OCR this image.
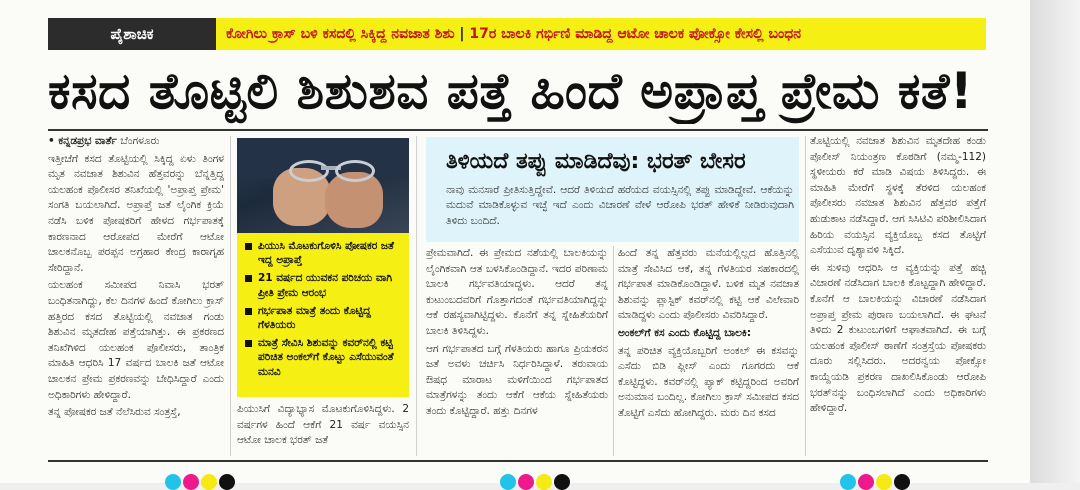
ಪೈಶಾಚಿಕ	ಕೋಗಿಲು ಕ್ರಾಸ್ ಬಳಿ ಕಸದಲ್ಲಿ ಸಿಕ್ಕಿದ್ದ ನವಜಾತ ಶಿಶು | 17ರ ಬಾಲಕಿ ಗರ್ಭಿಣಿ ಮಾಡಿದ್ದ ಆಟೋ ಚಾಲಕ ಪೋಕ್ಸೋ ಕೇಸಲ್ಲಿ ಬಂಧನ
ಕಸದ ತೊಟ್ಟಿಲಿ ಶಿಶುಶವ ಪತ್ತೆ ಹಿಂದೆ ಅಪ್ರಾಪ್ತ ಪ್ರೇಮ ಕತೆ!

• ಕನ್ನಡಪ್ರಭ ವಾರ್ತೆ ಬೆಂಗಳೂರು

ಇತ್ತೀಚೆಗೆ ಕಸದ ತೊಟ್ಟಿಯಲ್ಲಿ ಸಿಕ್ಕಿದ್ದ ಏಳು ತಿಂಗಳ ಮೃತ ನವಜಾತ ಶಿಶುವಿನ ಹೆತ್ತವರನ್ನು ಬೆನ್ನತ್ತಿದ್ದ ಯಲಹಂಕ ಪೊಲೀಸರ ತನಿಖೆಯಲ್ಲಿ 'ಅಪ್ರಾಪ್ತ ಪ್ರೇಮ' ಸಂಗತಿ ಬಯಲಾಗಿದೆ. ಅಪ್ರಾಪ್ತೆ ಜತೆ ಲೈಂಗಿಕ ಕ್ರಿಯೆ ನಡೆಸಿ ಬಳಿಕ ಪೋಷಕರಿಗೆ ಹೇಳದ ಗರ್ಭಪಾತಕ್ಕೆ ಕಾರಣನಾದ ಆರೋಪದ ಮೇರೆಗೆ ಆಟೋ ಚಾಲಕನೊಬ್ಬ ಪರಪ್ಪನ ಅಗ್ರಹಾರ ಕೇಂದ್ರ ಕಾರಾಗೃಹ ಸೇರಿದ್ದಾನೆ.

ಯಲಹಂಕ ಸಮೀಪದ ನಿವಾಸಿ ಭರತ್ ಬಂಧಿತನಾಗಿದ್ದು, ಕೆಲ ದಿನಗಳ ಹಿಂದೆ ಕೋಗಿಲು ಕ್ರಾಸ್ ಹತ್ತಿರದ ಕಸದ ತೊಟ್ಟಿಯಲ್ಲಿ ನವಜಾತ ಗಂಡು ಶಿಶುವಿನ ಮೃತದೇಹ ಪತ್ತೆಯಾಗಿತ್ತು. ಈ ಪ್ರಕರಣದ ತನಿಖೆಗಿಳಿದ ಯಲಹಂಕ ಪೊಲೀಸರು, ತಾಂತ್ರಿಕ ಮಾಹಿತಿ ಆಧರಿಸಿ 17 ವರ್ಷದ ಬಾಲಕಿ ಜತೆ ಆಟೋ ಚಾಲಕನ ಪ್ರೇಮ ಪ್ರಕರಣವನ್ನು ಬೇಧಿಸಿದ್ದಾರೆ ಎಂದು ಅಧಿಕಾರಿಗಳು ಹೇಳಿದ್ದಾರೆ.

ತನ್ನ ಪೋಷಕರ ಜತೆ ನೆಲೆಸಿರುವ ಸಂತ್ರಸ್ತೆ,

ಪಿಯುಸಿ ಮೊಟಕುಗೊಳಿಸಿ ಪೋಷಕರ ಜತೆ ಇದ್ದ ಅಪ್ರಾಪ್ತೆ
21 ವರ್ಷದ ಯುವಕನ ಪರಿಚಯ ವಾಗಿ ಪ್ರೀತಿ ಪ್ರೇಮ ಆರಂಭ
ಗರ್ಭಪಾತ ಮಾತ್ರೆ ತಂದು ಕೊಟ್ಟಿದ್ದ ಗೆಳತಿಯರು
ಮಾತ್ರೆ ಸೇವಿಸಿ ಶಿಶುವನ್ನು ಕವರ್‌ನಲ್ಲಿ ಕಟ್ಟಿ ಪರಿಚಿತ ಅಂಕಲ್‌ಗೆ ಕೊಟ್ಟು ಎಸೆಯುವಂತೆ ಮನವಿ

ಪಿಯುಸಿಗೆ ವಿದ್ಯಾಭ್ಯಾಸ ಮೊಟಕುಗೊಳಿಸಿದ್ದಳು. 2 ವರ್ಷಗಳ ಹಿಂದೆ ಆಕೆಗೆ 21 ವರ್ಷ ವಯಸ್ಸಿನ ಆಟೋ ಚಾಲಕ ಭರತ್ ಜತೆ

ತಿಳಿಯದೆ ತಪ್ಪು ಮಾಡಿದೆವು: ಭರತ್ ಬೇಸರ
ನಾವು ಮನಸಾರೆ ಪ್ರೀತಿಸುತ್ತಿದ್ದೇವೆ. ಆದರೆ ತಿಳಿಯದೆ ಹರೆಯದ ವಯಸ್ಸಿನಲ್ಲಿ ತಪ್ಪು ಮಾಡಿದ್ದೇವೆ. ಆಕೆಯನ್ನು ಮದುವೆ ಮಾಡಿಕೊಳ್ಳುವ ಇಚ್ಛೆ ಇದೆ ಎಂದು ವಿಚಾರಣೆ ವೇಳೆ ಆರೋಪಿ ಭರತ್ ಹೇಳಿಕೆ ನೀಡಿರುವುದಾಗಿ ತಿಳಿದು ಬಂದಿದೆ.

ಪ್ರೇಮವಾಗಿದೆ. ಈ ಪ್ರೇಮದ ನಶೆಯಲ್ಲಿ ಬಾಲಕಿಯನ್ನು ಲೈಂಗಿಕವಾಗಿ ಆತ ಬಳಸಿಕೊಂಡಿದ್ದಾನೆ. ಇದರ ಪರಿಣಾಮ ಬಾಲಕಿ ಗರ್ಭವತಿಯಾದ್ದಳು. ಆದರೆ ತನ್ನ ಕುಟುಂಬದವರಿಗೆ ಗೊತ್ತಾಗದಂತೆ ಗರ್ಭವತಿಯಾಗಿದ್ದನ್ನು ಆಕೆ ರಹಸ್ಯವಾಗಿಟ್ಟಿದ್ದಳು. ಕೊನೆಗೆ ತನ್ನ ಸ್ನೇಹಿತೆಯರಿಗೆ ಬಾಲಕಿ ತಿಳಿಸಿದ್ದಳು.

ಆಗ ಗರ್ಭಪಾತದ ಬಗ್ಗೆ ಗೆಳತಿಯರು ಹಾಗೂ ಪ್ರಿಯಕರನ ಜತೆ ಅವಳು ಚರ್ಚಿಸಿ ನಿರ್ಧರಿಸಿದ್ದಾಳೆ. ತರುವಾಯ ಔಷಧ ಮಾರಾಟ ಮಳಿಗೆಯಿಂದ ಗರ್ಭಪಾತದ ಮಾತ್ರೆಗಳನ್ನು ತಂದು ಆಕೆಗೆ ಆಕೆಯ ಸ್ನೇಹಿತೆಯರು ತಂದು ಕೊಟ್ಟಿದ್ದಾರೆ. ಹತ್ತು ದಿನಗಳ

ಹಿಂದೆ ತನ್ನ ಹೆತ್ತವರು ಮನೆಯಲ್ಲಿಲ್ಲದ ಹೊತ್ತಿನಲ್ಲಿ ಮಾತ್ರೆ ಸೇವಿಸಿದ ಆಕೆ, ತನ್ನ ಗೆಳತಿಯರ ಸಹಕಾರದಲ್ಲಿ ಗರ್ಭಪಾತ ಮಾಡಿಕೊಂಡಿದ್ದಾಳೆ. ಬಳಿಕ ಮೃತ ನವಜಾತ ಶಿಶುವನ್ನು ಪ್ಲಾಸ್ಟಿಕ್ ಕವರ್‌ನಲ್ಲಿ ಕಟ್ಟಿ ಆಕೆ ವಿಲೇವಾರಿ ಮಾಡಿದ್ದಳು ಎಂದು ಪೊಲೀಸರು ವಿವರಿಸಿದ್ದಾರೆ.

ಅಂಕಲ್‌ಗೆ ಕಸ ಎಂದು ಕೊಟ್ಟಿದ್ದ ಬಾಲಕಿ:

ತನ್ನ ಪರಿಚಿತ ವ್ಯಕ್ತಿಯೊಬ್ಬರಿಗೆ ಅಂಕಲ್ ಈ ಕಸವನ್ನು ಎಸೆದು ಬಿಡಿ ಪ್ಲೀಸ್ ಎಂದು ಗೂಗರದು ಆಕೆ ಕೊಟ್ಟಿದ್ದಳು. ಕವರ್‌ನಲ್ಲಿ ಪ್ಯಾಕ್ ಕಟ್ಟಿದ್ದರಿಂದ ಅವರಿಗೆ ಅನುಮಾನ ಬಂದಿಲ್ಲ. ಕೋಗಿಲು ಕ್ರಾಸ್ ಸಮೀಪದ ಕಸದ ತೊಟ್ಟಿಗೆ ಎಸೆದು ಹೋಗಿದ್ದರು. ಮರು ದಿನ ಕಸದ

ತೊಟ್ಟಿಯಲ್ಲಿ ನವಜಾತ ಶಿಶುವಿನ ಮೃತದೇಹ ಕಂಡು ಪೊಲೀಸ್ ನಿಯಂತ್ರಣ ಕೊಠಡಿಗೆ (ನಮ್ಮ-112) ಸ್ಥಳೀಯರು ಕರೆ ಮಾಡಿ ವಿಷಯ ತಿಳಿಸಿದ್ದರು. ಈ ಮಾಹಿತಿ ಮೇರೆಗೆ ಸ್ಥಳಕ್ಕೆ ತೆರಳಿದ ಯಲಹಂಕ ಪೊಲೀಸರು ನವಜಾತ ಶಿಶುವಿನ ಹೆತ್ತವರ ಪತ್ತೆಗೆ ಹುಡುಕಾಟ ನಡೆಸಿದ್ದಾರೆ. ಆಗ ಸಿಸಿಟಿವಿ ಪರಿಶೀಲಿಸಿದಾಗ ಹಿರಿಯ ವಯಸ್ಸಿನ ವ್ಯಕ್ತಿಯೊಬ್ಬ ಕಸದ ತೊಟ್ಟಿಗೆ ಎಸೆಯುವ ದೃಶ್ಯಾವಳಿ ಸಿಕ್ಕಿದೆ.

ಈ ಸುಳಿವು ಆಧರಿಸಿ ಆ ವ್ಯಕ್ತಿಯನ್ನು ಪತ್ತೆ ಹಚ್ಚಿ ವಿಚಾರಣೆ ನಡೆಸಿದಾಗ ಬಾಲಕಿ ಕೊಟ್ಟದ್ದಾಗಿ ಹೇಳಿದ್ದಾರೆ. ಕೊನೆಗೆ ಆ ಬಾಲಕಿಯನ್ನು ವಿಚಾರಣೆ ನಡೆಸಿದಾಗ ಅಪ್ರಾಪ್ತ ಪ್ರೇಮ ಪುರಾಣ ಬಯಲಾಗಿದೆ. ಈ ಘಟನೆ ತಿಳಿದು 2 ಕುಟುಂಬಗಳಿಗೆ ಆಘಾತವಾಗಿದೆ. ಈ ಬಗ್ಗೆ ಯಲಹಂಕ ಪೊಲೀಸ್ ಠಾಣೆಗೆ ಸಂತ್ರಸ್ತೆಯ ಪೋಷಕರು ದೂರು ಸಲ್ಲಿಸಿದರು. ಅದರನ್ವಯ ಪೋಕ್ಸೋ ಕಾಯ್ದೆಯಡಿ ಪ್ರಕರಣ ದಾಖಲಿಸಿಕೊಂಡು ಆರೋಪಿ ಭರತ್‌ನನ್ನು ಬಂಧಿಸಲಾಗಿದೆ ಎಂದು ಅಧಿಕಾರಿಗಳು ಹೇಳಿದ್ದಾರೆ.
